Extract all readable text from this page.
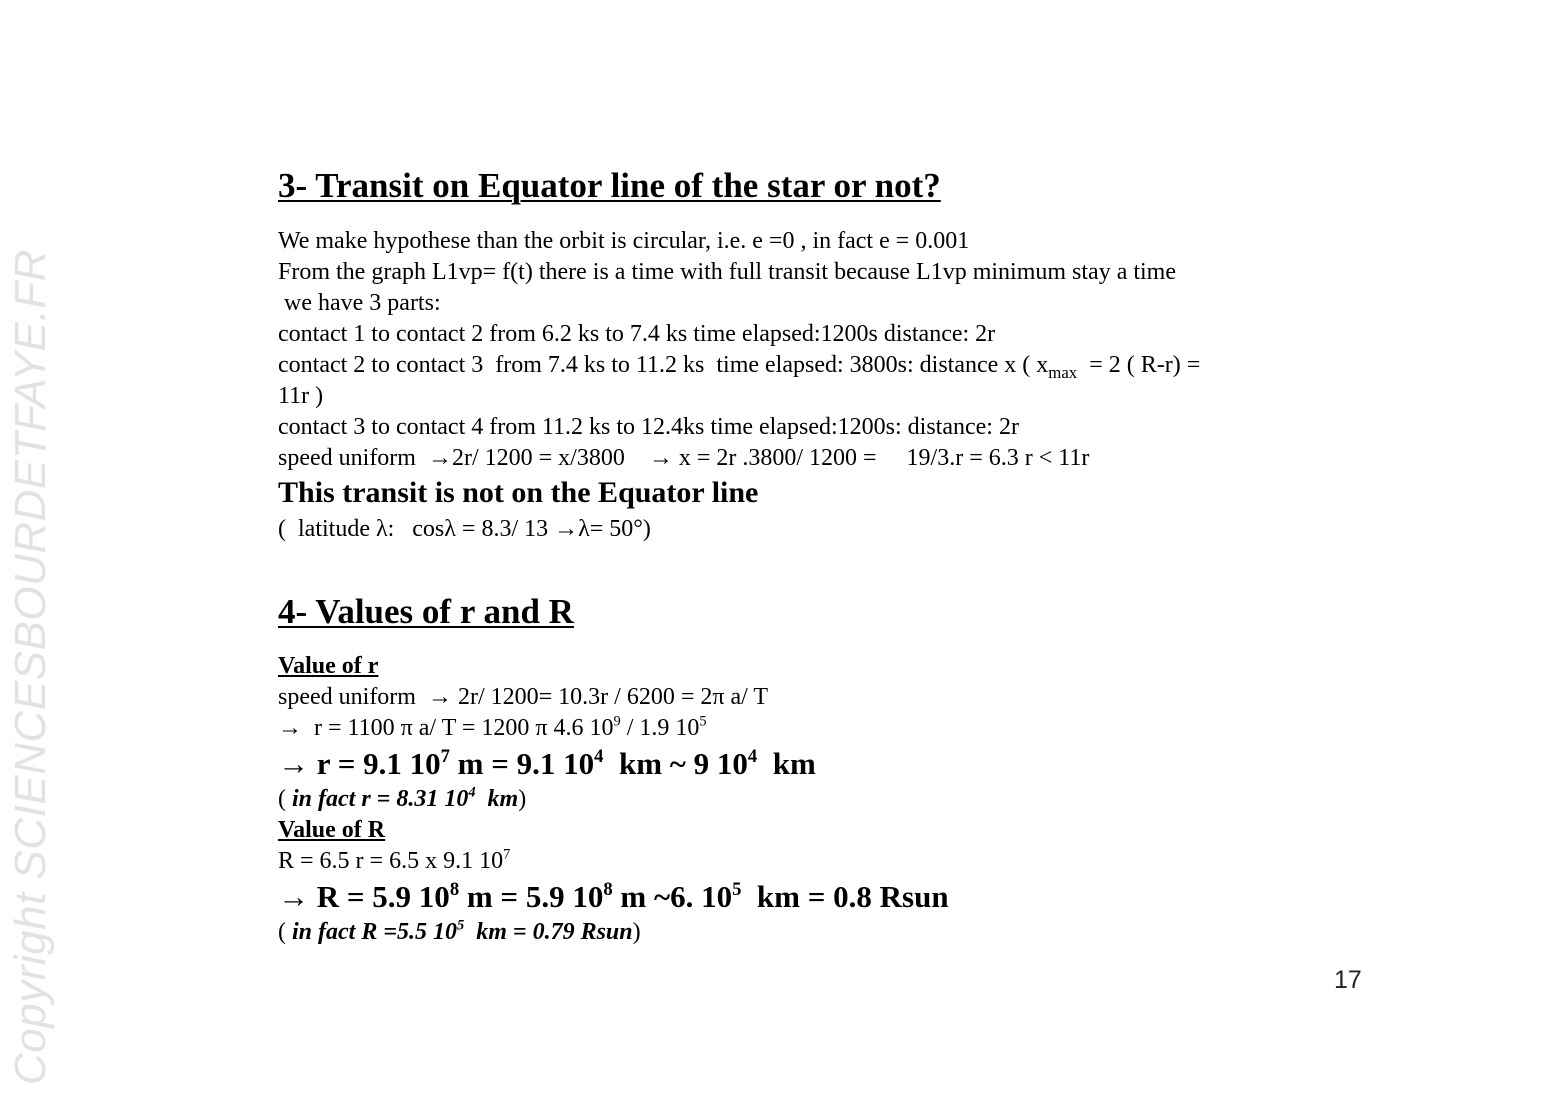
Copyright SCIENCESBOURDETFAYE.FR	17
3- Transit on Equator line of the star or not?
We make hypothese than the orbit is circular, i.e. e =0 , in fact e = 0.001
From the graph L1vp= f(t) there is a time with full transit because L1vp minimum stay a time
we have 3 parts:
contact 1 to contact 2 from 6.2 ks to 7.4 ks time elapsed:1200s distance: 2r
contact 2 to contact 3  from 7.4 ks to 11.2 ks  time elapsed: 3800s: distance x ( $x_{max} = 2$ ( R-r) =
11r )
contact 3 to contact 4 from 11.2 ks to 12.4ks time elapsed:1200s: distance: 2r
speed uniform  →2r/ 1200 = x/3800    → x = 2r .3800/ 1200 =     19/3.r = 6.3 r < 11r
This transit is not on the Equator line
(  latitude λ:   cosλ = 8.3/ 13 →λ= 50°)
4- Values of r and R
Value of r
speed uniform  → 2r/ 1200= 10.3r / 6200 = 2π a/ T
→  r = 1100 π a/ T = 1200 π 4.6 $10^9 / 1.9$ $10^5$
→ r = 9.1 $10^7$ m = 9.1 $10^4$  km ~ 9 $10^4$  km
( in fact r = 8.31 $10^4$  km)
Value of R
R = 6.5 r = 6.5 x 9.1 $10^7$
→ R = 5.9 $10^8$ m = 5.9 $10^8$ m ~6. $10^5$  km = 0.8 Rsun
( in fact R =5.5 $10^5$  km = 0.79 Rsun)
